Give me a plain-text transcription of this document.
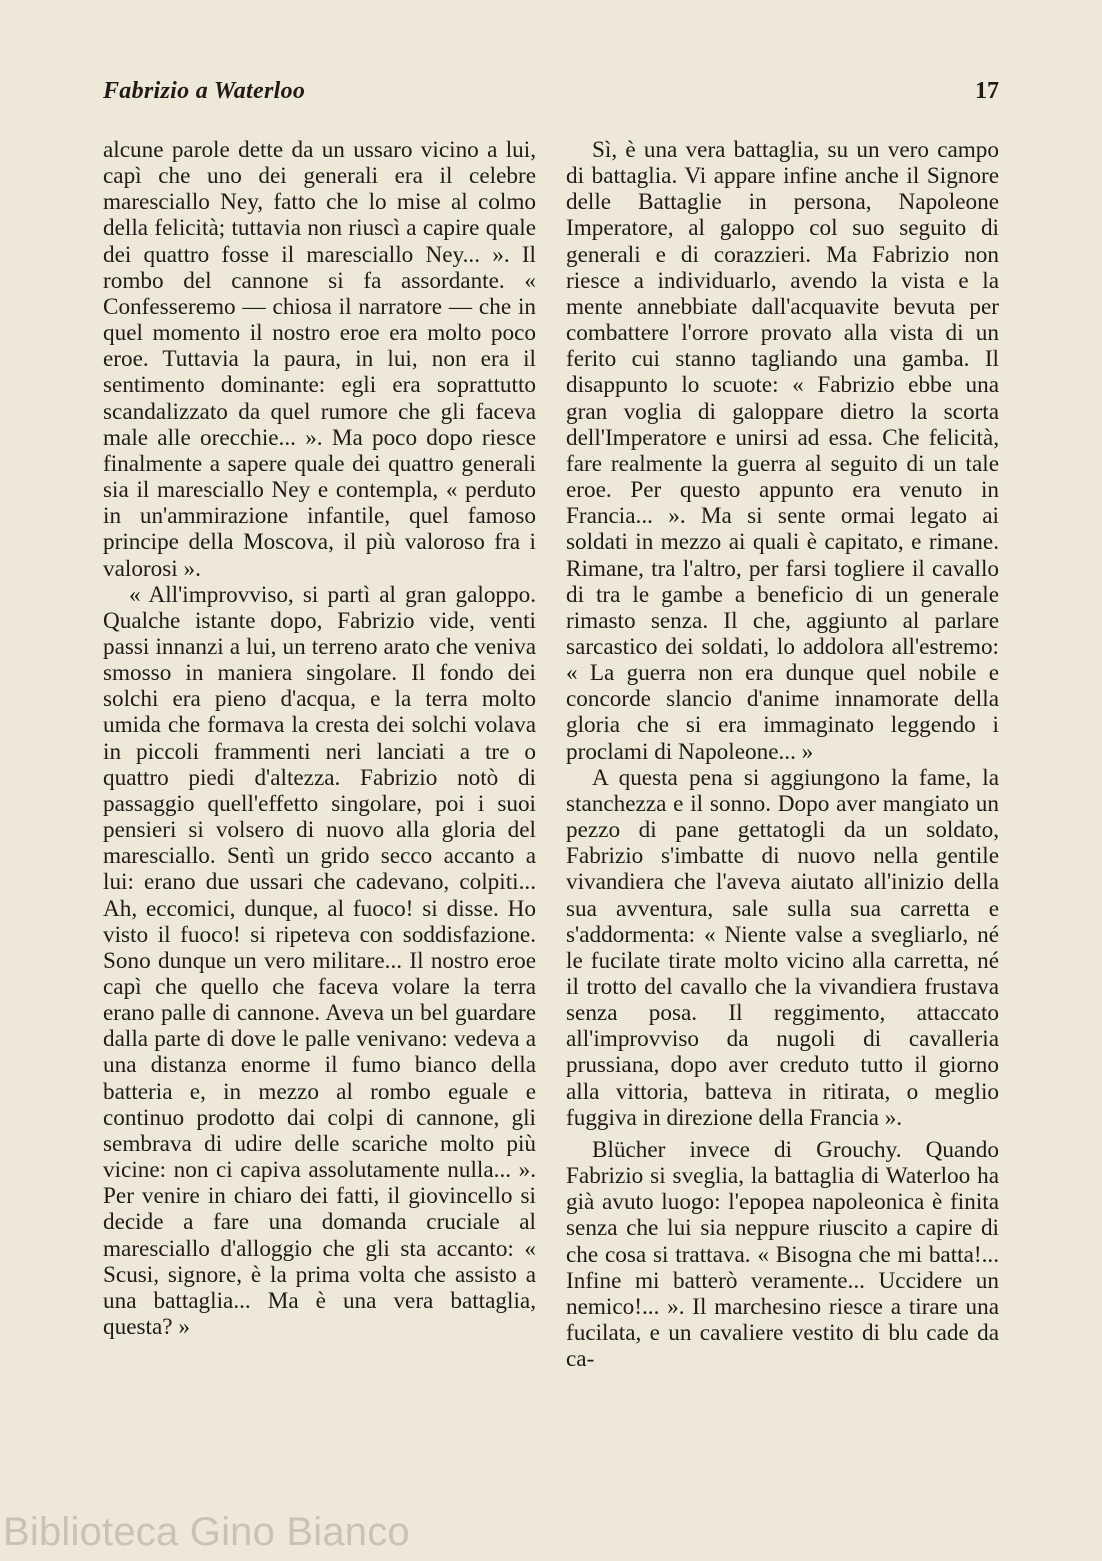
Fabrizio a Waterloo	17

alcune parole dette da un ussaro vicino a lui, capì che uno dei generali era il celebre maresciallo Ney, fatto che lo mise al colmo della felicità; tuttavia non riuscì a capire quale dei quattro fosse il maresciallo Ney... ». Il rombo del cannone si fa assordante. « Confesseremo — chiosa il narratore — che in quel momento il nostro eroe era molto poco eroe. Tuttavia la paura, in lui, non era il sentimento dominante: egli era soprattutto scandalizzato da quel rumore che gli faceva male alle orecchie... ». Ma poco dopo riesce finalmente a sapere quale dei quattro generali sia il maresciallo Ney e contempla, « perduto in un'ammirazione infantile, quel famoso principe della Moscova, il più valoroso fra i valorosi ».

« All'improvviso, si partì al gran galoppo. Qualche istante dopo, Fabrizio vide, venti passi innanzi a lui, un terreno arato che veniva smosso in maniera singolare. Il fondo dei solchi era pieno d'acqua, e la terra molto umida che formava la cresta dei solchi volava in piccoli frammenti neri lanciati a tre o quattro piedi d'altezza. Fabrizio notò di passaggio quell'effetto singolare, poi i suoi pensieri si volsero di nuovo alla gloria del maresciallo. Sentì un grido secco accanto a lui: erano due ussari che cadevano, colpiti... Ah, eccomici, dunque, al fuoco! si disse. Ho visto il fuoco! si ripeteva con soddisfazione. Sono dunque un vero militare... Il nostro eroe capì che quello che faceva volare la terra erano palle di cannone. Aveva un bel guardare dalla parte di dove le palle venivano: vedeva a una distanza enorme il fumo bianco della batteria e, in mezzo al rombo eguale e continuo prodotto dai colpi di cannone, gli sembrava di udire delle scariche molto più vicine: non ci capiva assolutamente nulla... ». Per venire in chiaro dei fatti, il giovincello si decide a fare una domanda cruciale al maresciallo d'alloggio che gli sta accanto: « Scusi, signore, è la prima volta che assisto a una battaglia... Ma è una vera battaglia, questa? »

Sì, è una vera battaglia, su un vero campo di battaglia. Vi appare infine anche il Signore delle Battaglie in persona, Napoleone Imperatore, al galoppo col suo seguito di generali e di corazzieri. Ma Fabrizio non riesce a individuarlo, avendo la vista e la mente annebbiate dall'acquavite bevuta per combattere l'orrore provato alla vista di un ferito cui stanno tagliando una gamba. Il disappunto lo scuote: « Fabrizio ebbe una gran voglia di galoppare dietro la scorta dell'Imperatore e unirsi ad essa. Che felicità, fare realmente la guerra al seguito di un tale eroe. Per questo appunto era venuto in Francia... ». Ma si sente ormai legato ai soldati in mezzo ai quali è capitato, e rimane. Rimane, tra l'altro, per farsi togliere il cavallo di tra le gambe a beneficio di un generale rimasto senza. Il che, aggiunto al parlare sarcastico dei soldati, lo addolora all'estremo: « La guerra non era dunque quel nobile e concorde slancio d'anime innamorate della gloria che si era immaginato leggendo i proclami di Napoleone... »

A questa pena si aggiungono la fame, la stanchezza e il sonno. Dopo aver mangiato un pezzo di pane gettatogli da un soldato, Fabrizio s'imbatte di nuovo nella gentile vivandiera che l'aveva aiutato all'inizio della sua avventura, sale sulla sua carretta e s'addormenta: « Niente valse a svegliarlo, né le fucilate tirate molto vicino alla carretta, né il trotto del cavallo che la vivandiera frustava senza posa. Il reggimento, attaccato all'improvviso da nugoli di cavalleria prussiana, dopo aver creduto tutto il giorno alla vittoria, batteva in ritirata, o meglio fuggiva in direzione della Francia ».

Blücher invece di Grouchy. Quando Fabrizio si sveglia, la battaglia di Waterloo ha già avuto luogo: l'epopea napoleonica è finita senza che lui sia neppure riuscito a capire di che cosa si trattava. « Bisogna che mi batta!... Infine mi batterò veramente... Uccidere un nemico!... ». Il marchesino riesce a tirare una fucilata, e un cavaliere vestito di blu cade da ca-

Biblioteca Gino Bianco
